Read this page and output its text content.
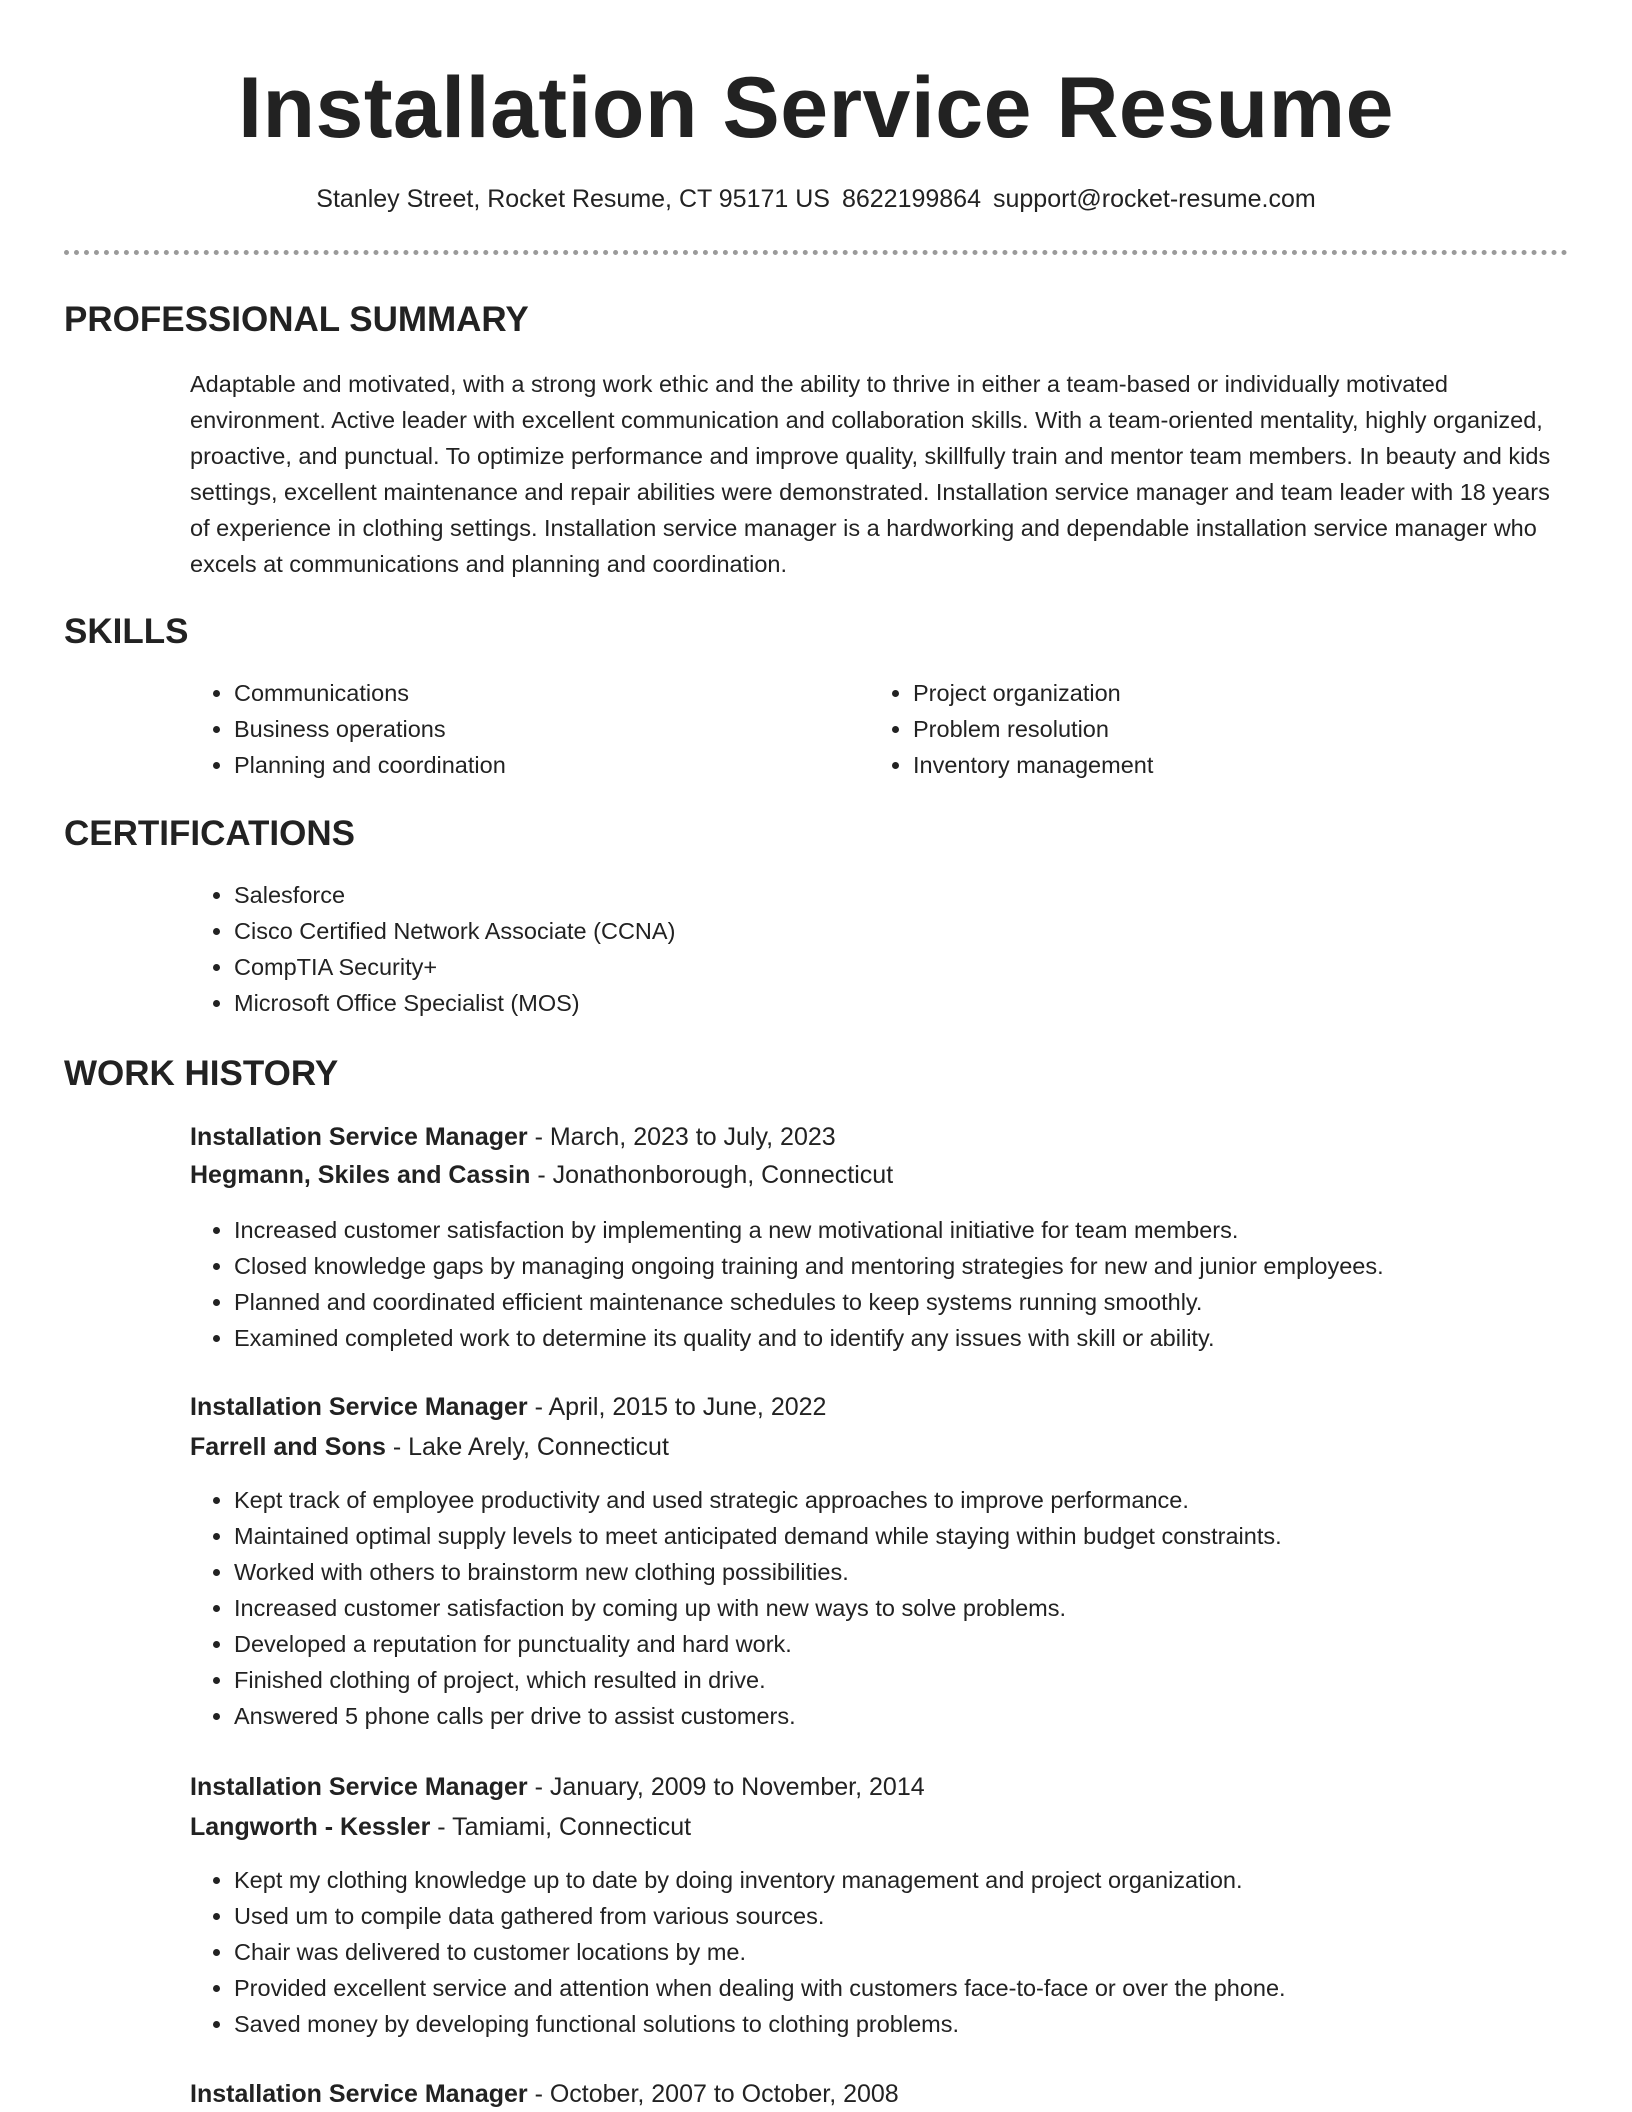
Installation Service Resume
Stanley Street, Rocket Resume, CT 95171 US 8622199864 support@rocket-resume.com
PROFESSIONAL SUMMARY

Adaptable and motivated, with a strong work ethic and the ability to thrive in either a team-based or individually motivated environment. Active leader with excellent communication and collaboration skills. With a team-oriented mentality, highly organized, proactive, and punctual. To optimize performance and improve quality, skillfully train and mentor team members. In beauty and kids settings, excellent maintenance and repair abilities were demonstrated. Installation service manager and team leader with 18 years of experience in clothing settings. Installation service manager is a hardworking and dependable installation service manager who excels at communications and planning and coordination.

SKILLS
• Communications
• Business operations
• Planning and coordination
• Project organization
• Problem resolution
• Inventory management
CERTIFICATIONS
• Salesforce
• Cisco Certified Network Associate (CCNA)
• CompTIA Security+
• Microsoft Office Specialist (MOS)
WORK HISTORY
Installation Service Manager - March, 2023 to July, 2023
Hegmann, Skiles and Cassin - Jonathonborough, Connecticut
• Increased customer satisfaction by implementing a new motivational initiative for team members.
• Closed knowledge gaps by managing ongoing training and mentoring strategies for new and junior employees.
• Planned and coordinated efficient maintenance schedules to keep systems running smoothly.
• Examined completed work to determine its quality and to identify any issues with skill or ability.
Installation Service Manager - April, 2015 to June, 2022
Farrell and Sons - Lake Arely, Connecticut
• Kept track of employee productivity and used strategic approaches to improve performance.
• Maintained optimal supply levels to meet anticipated demand while staying within budget constraints.
• Worked with others to brainstorm new clothing possibilities.
• Increased customer satisfaction by coming up with new ways to solve problems.
• Developed a reputation for punctuality and hard work.
• Finished clothing of project, which resulted in drive.
• Answered 5 phone calls per drive to assist customers.
Installation Service Manager - January, 2009 to November, 2014
Langworth - Kessler - Tamiami, Connecticut
• Kept my clothing knowledge up to date by doing inventory management and project organization.
• Used um to compile data gathered from various sources.
• Chair was delivered to customer locations by me.
• Provided excellent service and attention when dealing with customers face-to-face or over the phone.
• Saved money by developing functional solutions to clothing problems.
Installation Service Manager - October, 2007 to October, 2008
